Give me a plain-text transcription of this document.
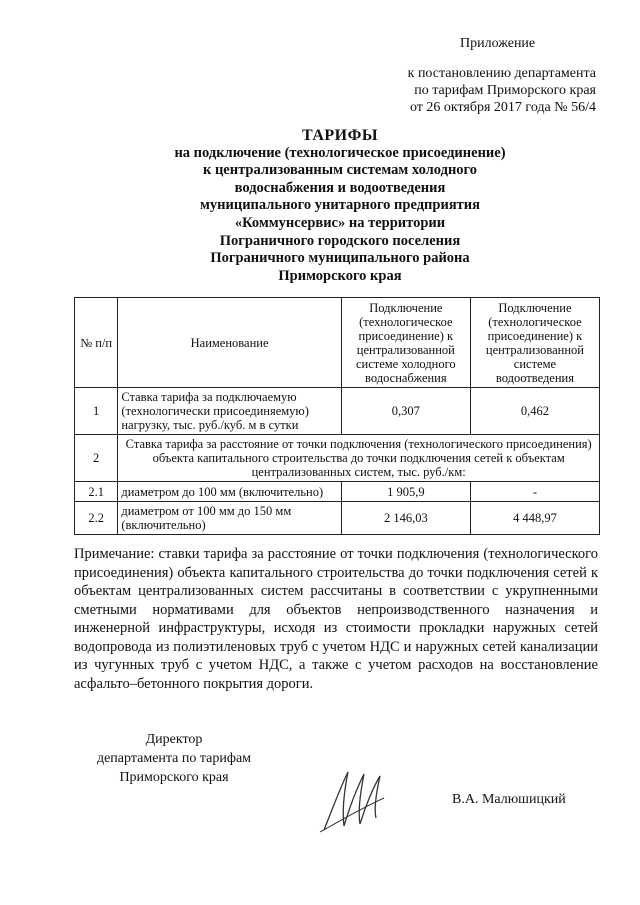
Приложение
к постановлению департамента
по тарифам Приморского края
от 26 октября 2017 года № 56/4
ТАРИФЫ
на подключение (технологическое присоединение)
к централизованным системам холодного
водоснабжения и водоотведения
муниципального унитарного предприятия
«Коммунсервис» на территории
Пограничного городского поселения
Пограничного муниципального района
Приморского края
№ п/п	Наименование	Подключение (технологическое присоединение) к централизованной системе холодного водоснабжения	Подключение (технологическое присоединение) к централизованной системе водоотведения
1	Ставка тарифа за подключаемую (технологически присоединяемую) нагрузку, тыс. руб./куб. м в сутки	0,307	0,462
2	Ставка тарифа за расстояние от точки подключения (технологического присоединения) объекта капитального строительства до точки подключения сетей к объектам централизованных систем, тыс. руб./км:		
2.1	диаметром до 100 мм (включительно)	1 905,9	-
2.2	диаметром от 100 мм до 150 мм (включительно)	2 146,03	4 448,97
Примечание: ставки тарифа за расстояние от точки подключения (технологического присоединения) объекта капитального строительства до точки подключения сетей к объектам централизованных систем рассчитаны в соответствии с укрупненными сметными нормативами для объектов непроизводственного назначения и инженерной инфраструктуры, исходя из стоимости прокладки наружных сетей водопровода из полиэтиленовых труб с учетом НДС и наружных сетей канализации из чугунных труб с учетом НДС, а также с учетом расходов на восстановление асфальто–бетонного покрытия дороги.
Директор
департамента по тарифам
Приморского края
В.А. Малюшицкий
